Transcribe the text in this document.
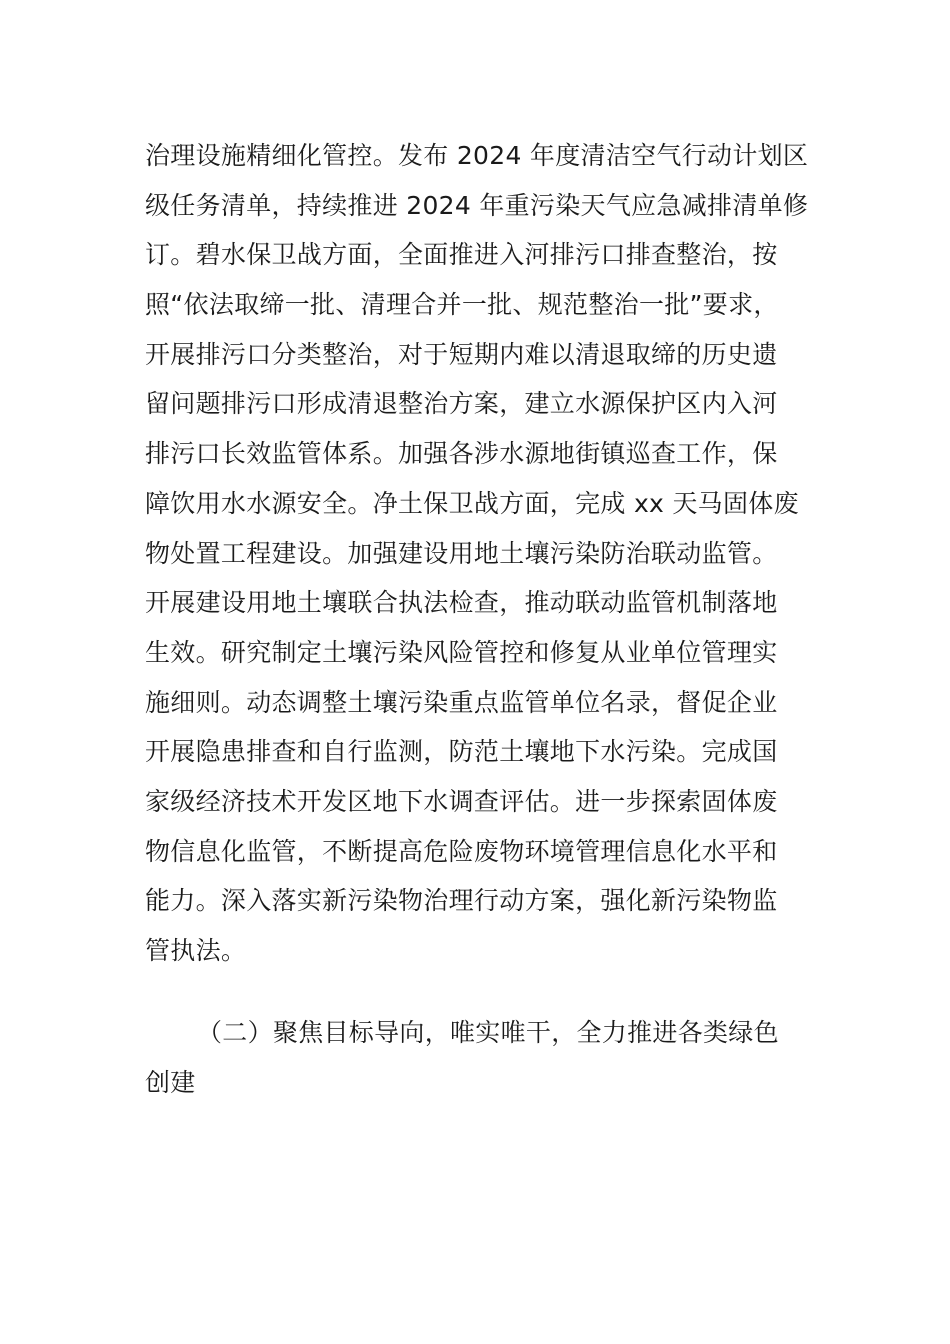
治理设施精细化管控。发布 2024 年度清洁空气行动计划区
级任务清单，持续推进 2024 年重污染天气应急减排清单修
订。碧水保卫战方面，全面推进入河排污口排查整治，按
照“依法取缔一批、清理合并一批、规范整治一批”要求，
开展排污口分类整治，对于短期内难以清退取缔的历史遗
留问题排污口形成清退整治方案，建立水源保护区内入河
排污口长效监管体系。加强各涉水源地街镇巡查工作，保
障饮用水水源安全。净土保卫战方面，完成 xx 天马固体废
物处置工程建设。加强建设用地土壤污染防治联动监管。
开展建设用地土壤联合执法检查，推动联动监管机制落地
生效。研究制定土壤污染风险管控和修复从业单位管理实
施细则。动态调整土壤污染重点监管单位名录，督促企业
开展隐患排查和自行监测，防范土壤地下水污染。完成国
家级经济技术开发区地下水调查评估。进一步探索固体废
物信息化监管，不断提高危险废物环境管理信息化水平和
能力。深入落实新污染物治理行动方案，强化新污染物监
管执法。
（二）聚焦目标导向，唯实唯干，全力推进各类绿色
创建
